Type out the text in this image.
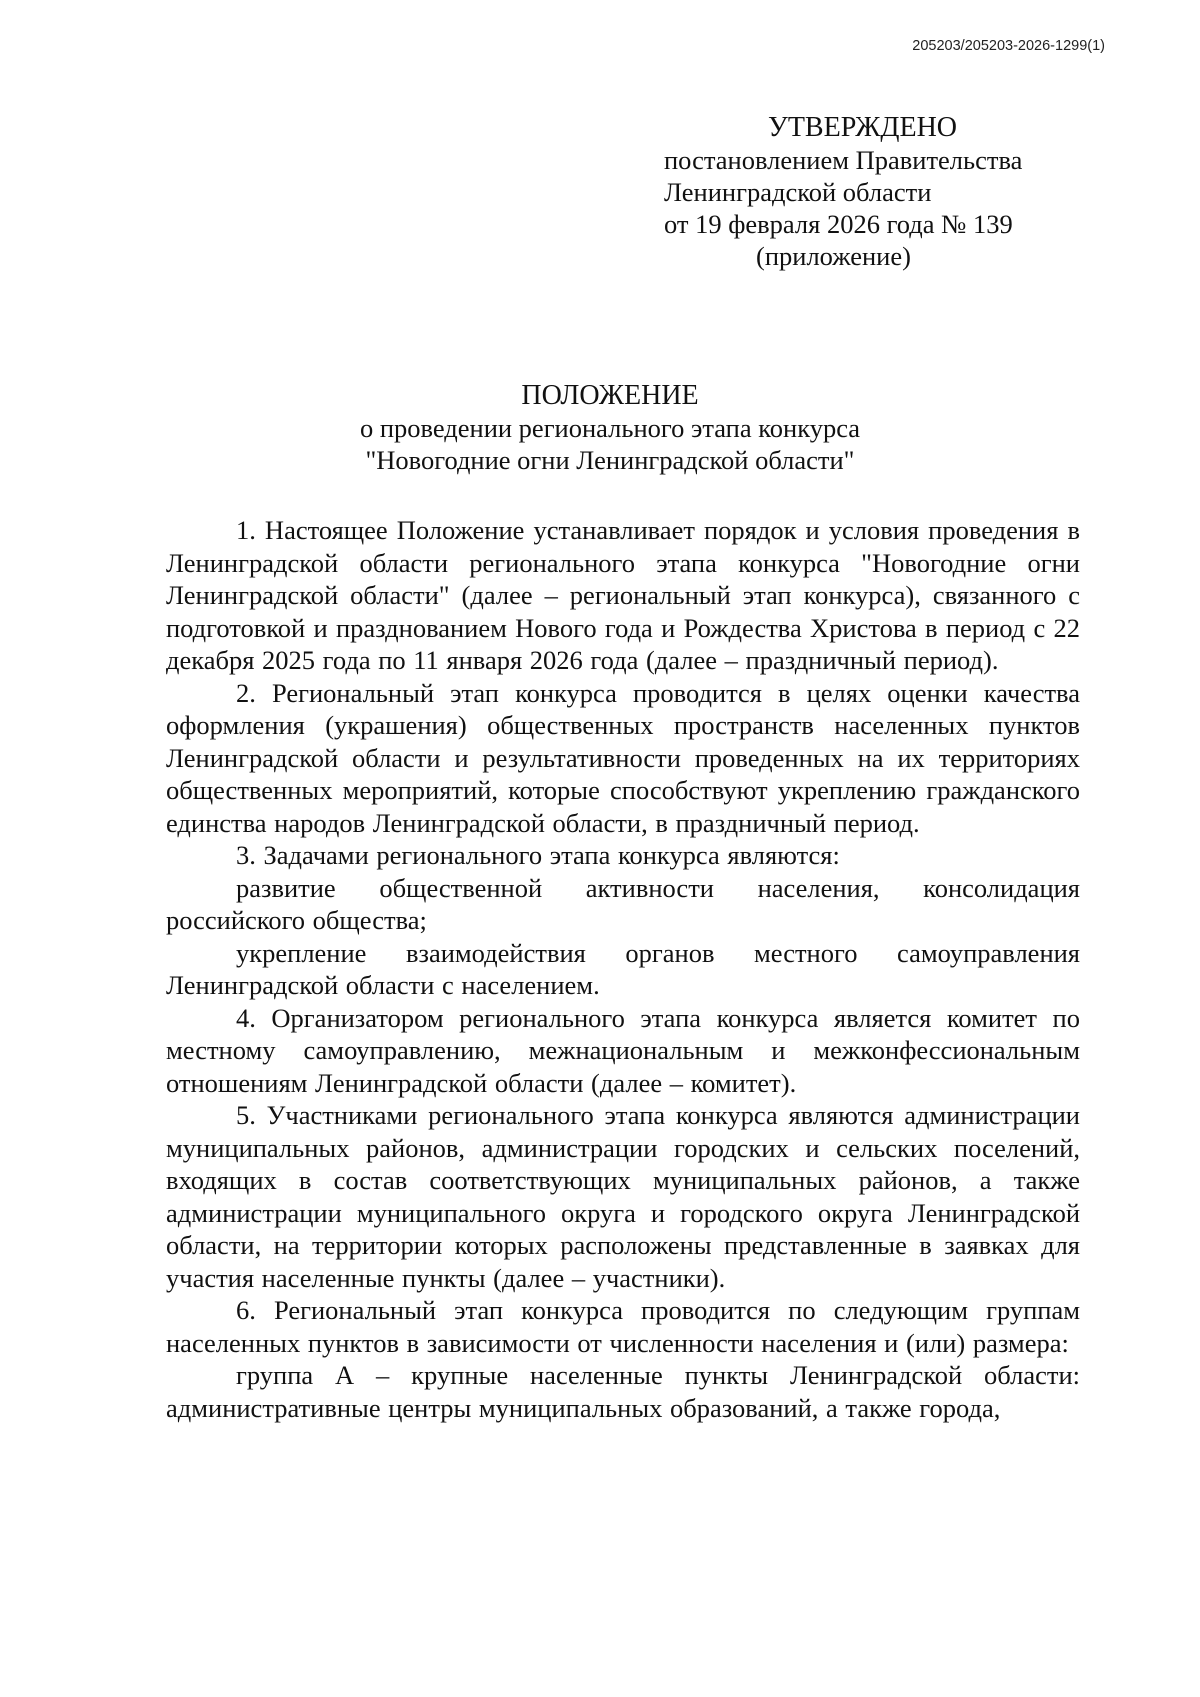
205203/205203-2026-1299(1)
УТВЕРЖДЕНО
постановлением Правительства
Ленинградской области
от 19 февраля 2026 года № 139
(приложение)
ПОЛОЖЕНИЕ
о проведении регионального этапа конкурса
"Новогодние огни Ленинградской области"

1. Настоящее Положение устанавливает порядок и условия проведения в Ленинградской области регионального этапа конкурса "Новогодние огни Ленинградской области" (далее – региональный этап конкурса), связанного с подготовкой и празднованием Нового года и Рождества Христова в период с 22 декабря 2025 года по 11 января 2026 года (далее – праздничный период).

2. Региональный этап конкурса проводится в целях оценки качества оформления (украшения) общественных пространств населенных пунктов Ленинградской области и результативности проведенных на их территориях общественных мероприятий, которые способствуют укреплению гражданского единства народов Ленинградской области, в праздничный период.

3. Задачами регионального этапа конкурса являются:

развитие общественной активности населения, консолидация российского общества;

укрепление взаимодействия органов местного самоуправления Ленинградской области с населением.

4. Организатором регионального этапа конкурса является комитет по местному самоуправлению, межнациональным и межконфессиональным отношениям Ленинградской области (далее – комитет).

5. Участниками регионального этапа конкурса являются администрации муниципальных районов, администрации городских и сельских поселений, входящих в состав соответствующих муниципальных районов, а также администрации муниципального округа и городского округа Ленинградской области, на территории которых расположены представленные в заявках для участия населенные пункты (далее – участники).

6. Региональный этап конкурса проводится по следующим группам населенных пунктов в зависимости от численности населения и (или) размера:

группа А – крупные населенные пункты Ленинградской области: административные центры муниципальных образований, а также города,
